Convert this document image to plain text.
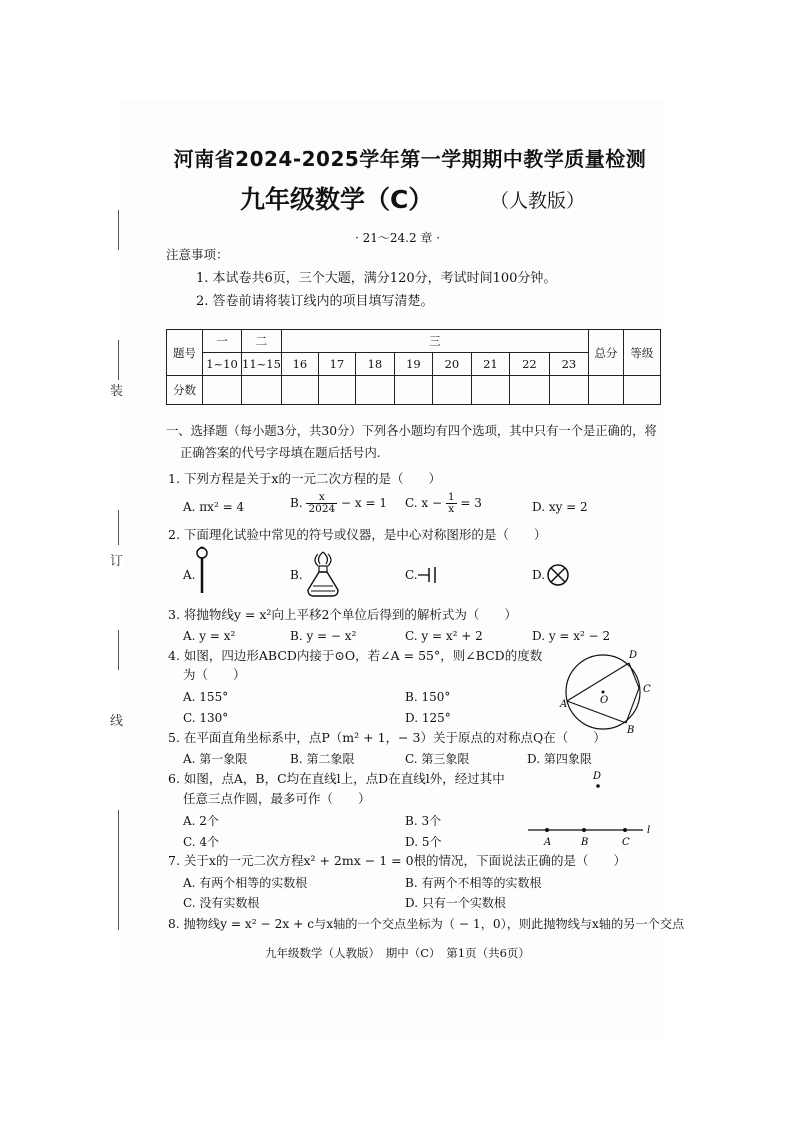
装
订
线
河南省2024-2025学年第一学期期中教学质量检测
九年级数学（C）	（人教版）
· 21～24.2 章 ·
注意事项：
1. 本试卷共6页，三个大题，满分120分，考试时间100分钟。
2. 答卷前请将装订线内的项目填写清楚。
题号	一	二	三								总分	等级
	1~10	11~15	16	17	18	19	20	21	22	23		
分数												
一、选择题（每小题3分，共30分）下列各小题均有四个选项，其中只有一个是正确的，将
正确答案的代号字母填在题后括号内.
1. 下列方程是关于x的一元二次方程的是（　　）
A. πx² = 4	B. $\frac{x}{2024} - x = 1$ C. $x - \frac{1}{x} = 3$	D. xy = 2
2. 下面理化试验中常见的符号或仪器，是中心对称图形的是（　　）
A.	B.	C.	D.
3. 将抛物线y = x²向上平移2个单位后得到的解析式为（　　）
A. y = x²	B. y = − x²	C. y = x² + 2	D. y = x² − 2
4. 如图，四边形ABCD内接于⊙O，若∠A = 55°，则∠BCD的度数
为（　　）
A. 155°	B. 150°
C. 130°	D. 125°
A
B
C
D
O
5. 在平面直角坐标系中，点P（m² + 1，− 3）关于原点的对称点Q在（　　）
A. 第一象限	B. 第二象限	C. 第三象限	D. 第四象限
6. 如图，点A，B，C均在直线l上，点D在直线l外，经过其中
任意三点作圆，最多可作（　　）
A. 2个	B. 3个
C. 4个	D. 5个
D
A	B	C
l
7. 关于x的一元二次方程x² + 2mx − 1 = 0根的情况，下面说法正确的是（　　）
A. 有两个相等的实数根	B. 有两个不相等的实数根
C. 没有实数根	D. 只有一个实数根
8. 抛物线y = x² − 2x + c与x轴的一个交点坐标为（ − 1，0），则此抛物线与x轴的另一个交点
九年级数学（人教版）　期中（C）　第1页（共6页）
